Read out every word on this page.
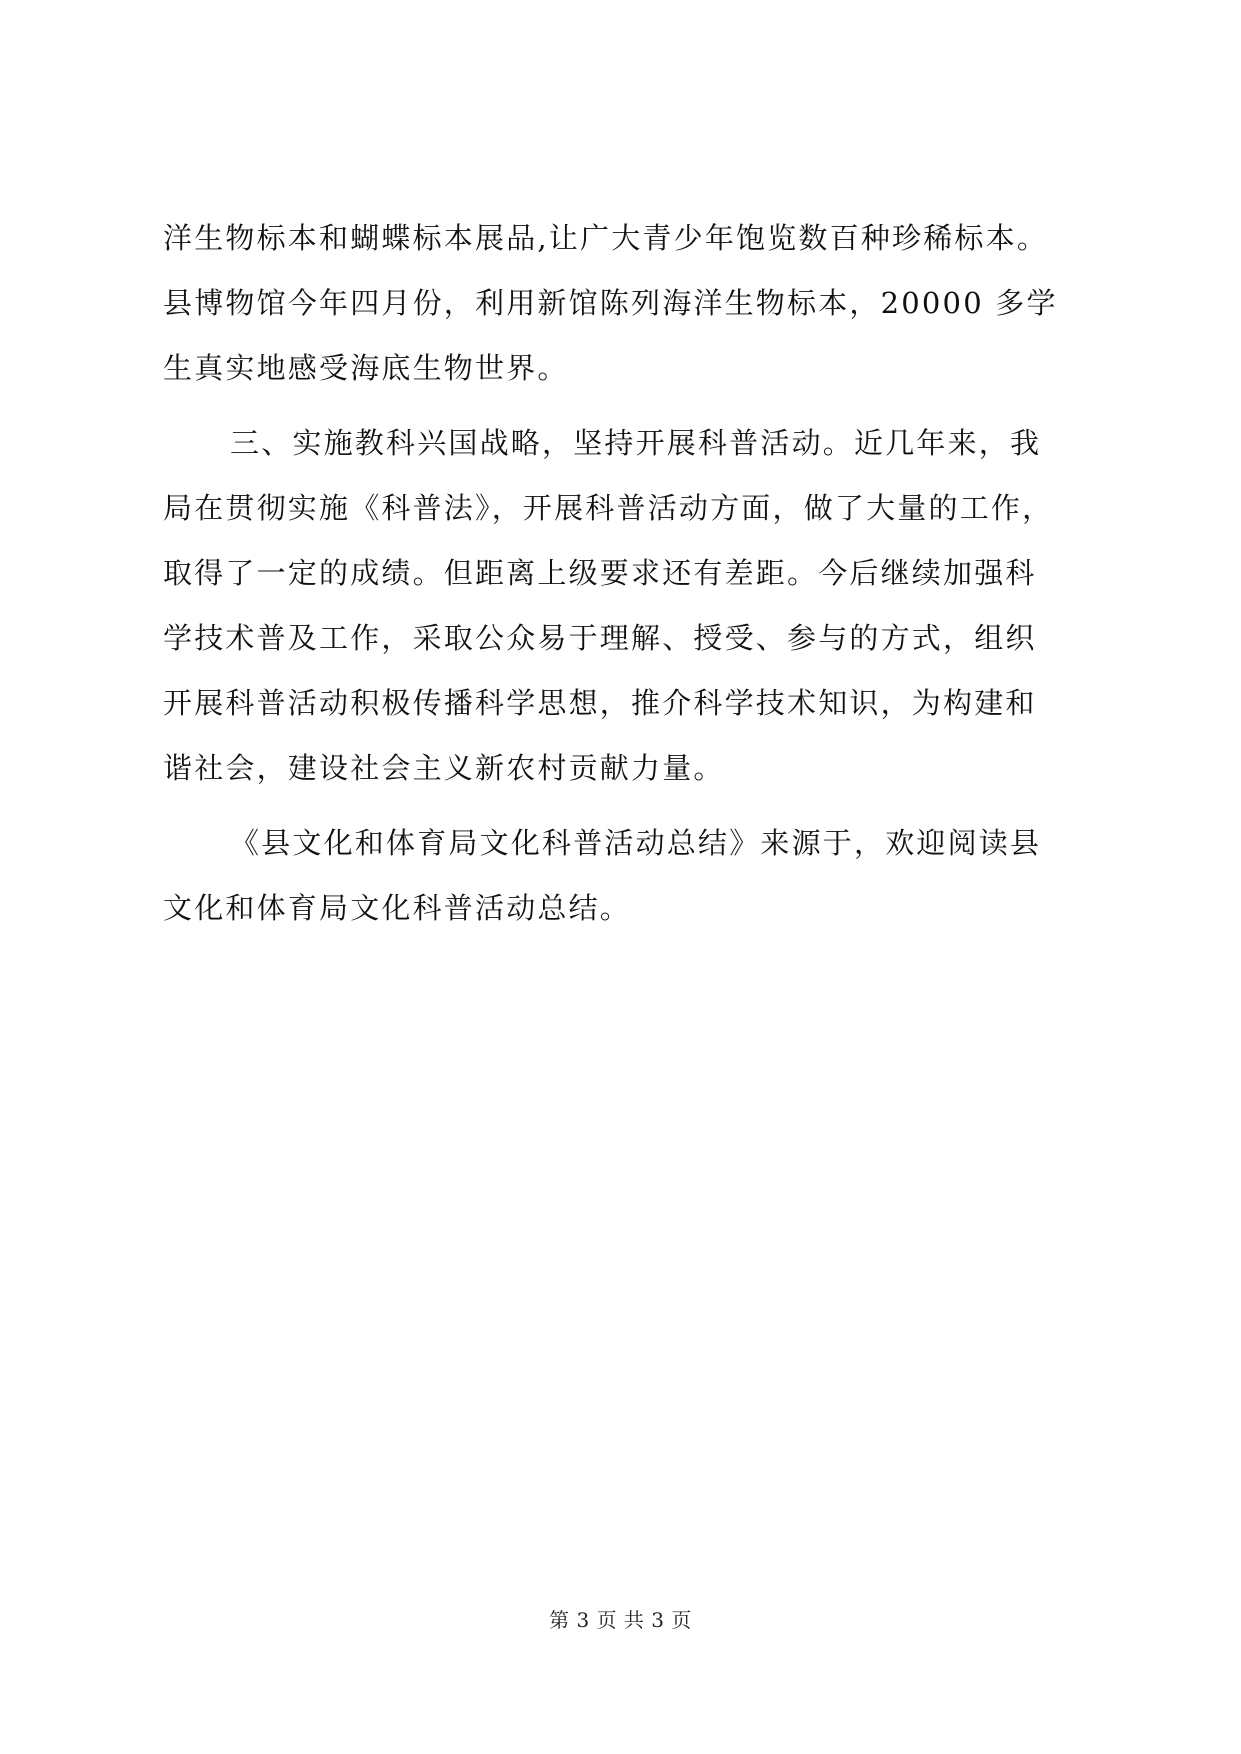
洋生物标本和蝴蝶标本展品,让广大青少年饱览数百种珍稀标本。
县博物馆今年四月份，利用新馆陈列海洋生物标本，20000 多学
生真实地感受海底生物世界。
三、实施教科兴国战略，坚持开展科普活动。近几年来，我
局在贯彻实施《科普法》，开展科普活动方面，做了大量的工作，
取得了一定的成绩。但距离上级要求还有差距。今后继续加强科
学技术普及工作，采取公众易于理解、授受、参与的方式，组织
开展科普活动积极传播科学思想，推介科学技术知识，为构建和
谐社会，建设社会主义新农村贡献力量。
《县文化和体育局文化科普活动总结》来源于，欢迎阅读县
文化和体育局文化科普活动总结。
第 3 页 共 3 页
